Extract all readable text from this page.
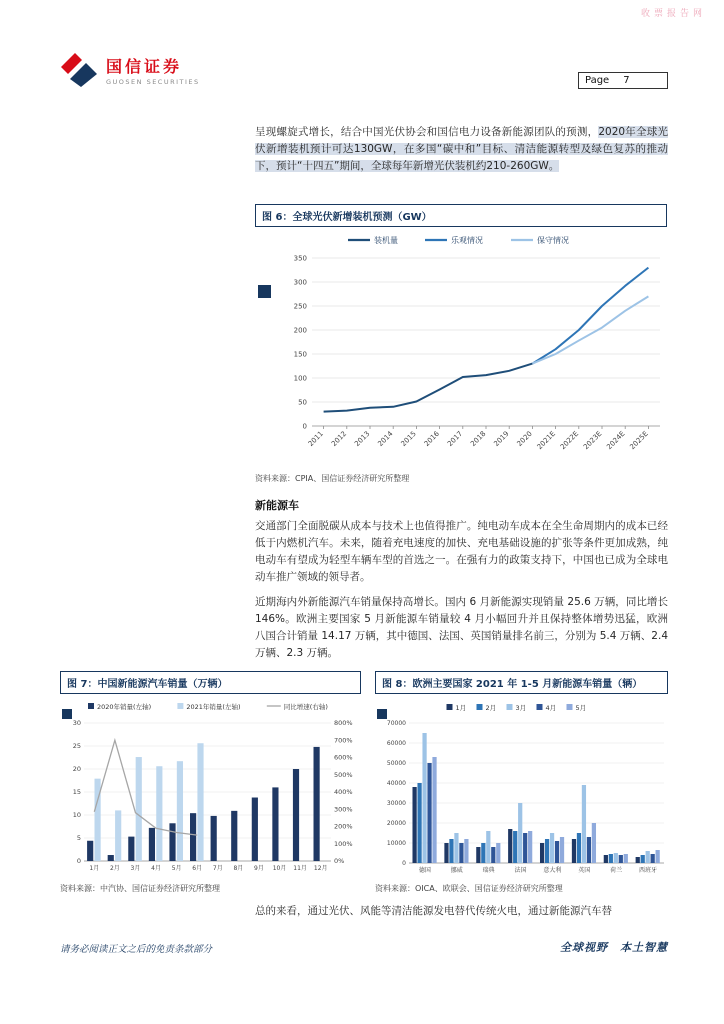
收票报告网
国信证券
GUOSEN SECURITIES	Page 7
呈现螺旋式增长，结合中国光伏协会和国信电力设备新能源团队的预测，2020年全球光伏新增装机预计可达130GW，在多国“碳中和”目标、清洁能源转型及绿色复苏的推动下，预计“十四五”期间，全球每年新增光伏装机约210-260GW。
图 6：全球光伏新增装机预测（GW）
0
50
100
150
200
250
300
350
2011 2012 2013 2014 2015 2016 2017 2018 2019 2020 2021E 2022E 2023E 2024E 2025E
装机量	乐观情况	保守情况
资料来源：CPIA、国信证券经济研究所整理
新能源车
交通部门全面脱碳从成本与技术上也值得推广。纯电动车成本在全生命周期内的成本已经低于内燃机汽车。未来，随着充电速度的加快、充电基础设施的扩张等条件更加成熟，纯电动车有望成为轻型车辆车型的首选之一。在强有力的政策支持下，中国也已成为全球电动车推广领域的领导者。
近期海内外新能源汽车销量保持高增长。国内 6 月新能源实现销量 25.6 万辆，同比增长 146%。欧洲主要国家 5 月新能源车销量较 4 月小幅回升并且保持整体增势迅猛，欧洲八国合计销量 14.17 万辆，其中德国、法国、英国销量排名前三，分别为 5.4 万辆、2.4 万辆、2.3 万辆。
图 7：中国新能源汽车销量（万辆）
0
5
10
15
20
25
30
0%
100%
200%
300%
400%
500%
600%
700%
800%
1月 2月 3月 4月 5月 6月 7月 8月 9月 10月 11月 12月
2020年销量(左轴)	2021年销量(左轴)	同比增速(右轴)
资料来源：中汽协、国信证券经济研究所整理
图 8：欧洲主要国家 2021 年 1-5 月新能源车销量（辆）
0
10000
20000
30000
40000
50000
60000
70000
德国	挪威	瑞典	法国	意大利	英国	荷兰	西班牙
1月	2月	3月	4月	5月
资料来源：OICA、欧联会、国信证券经济研究所整理
总的来看，通过光伏、风能等清洁能源发电替代传统火电，通过新能源汽车替
请务必阅读正文之后的免责条款部分	全球视野　本土智慧
